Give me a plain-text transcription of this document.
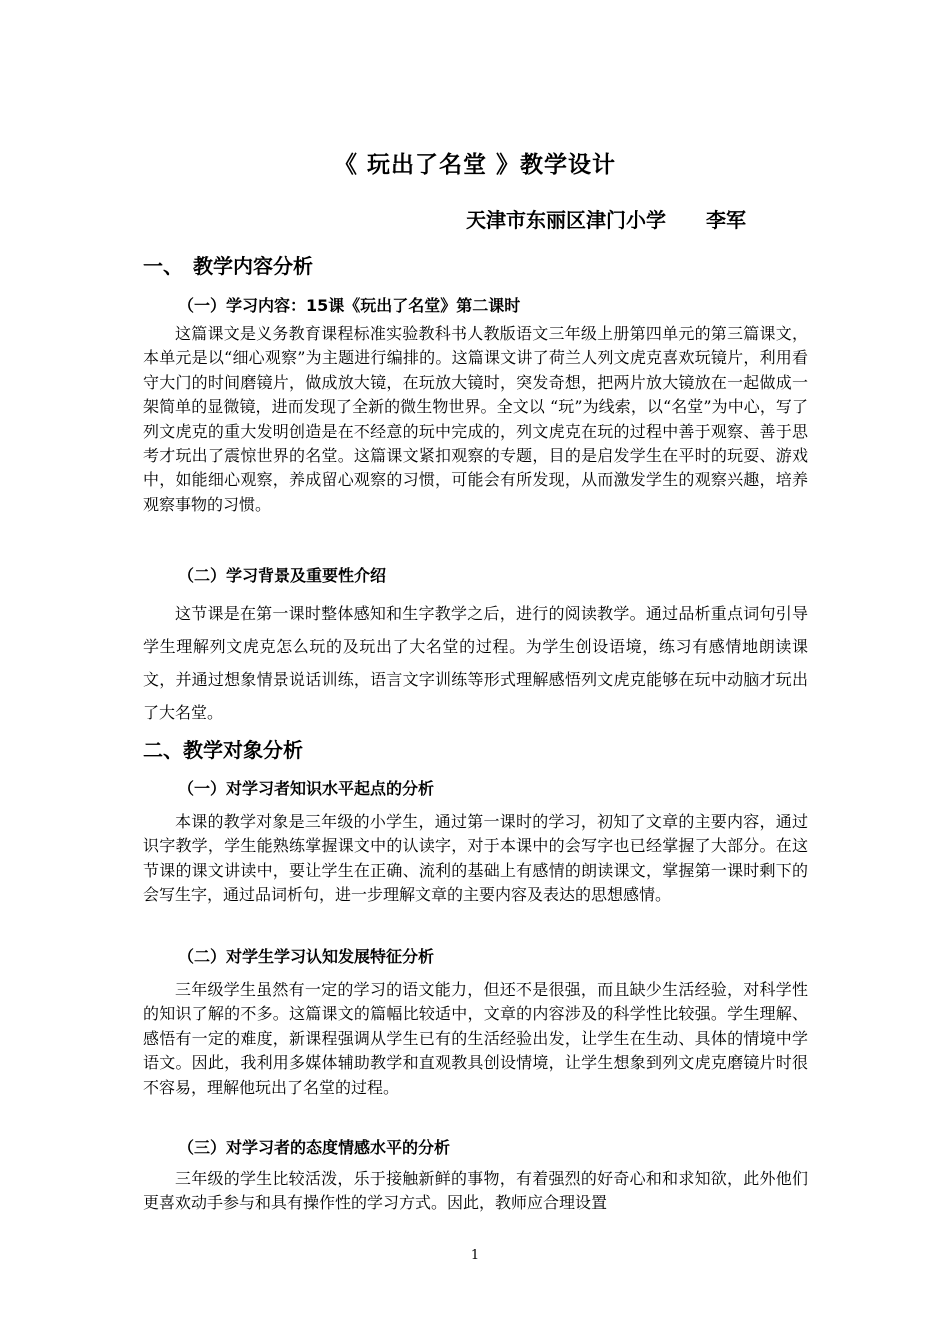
《 玩出了名堂 》教学设计
天津市东丽区津门小学　　李军
一、　教学内容分析
（一）学习内容：15课《玩出了名堂》第二课时

这篇课文是义务教育课程标准实验教科书人教版语文三年级上册第四单元的第三篇课文，本单元是以“细心观察”为主题进行编排的。这篇课文讲了荷兰人列文虎克喜欢玩镜片，利用看守大门的时间磨镜片，做成放大镜，在玩放大镜时，突发奇想，把两片放大镜放在一起做成一架简单的显微镜，进而发现了全新的微生物世界。全文以 “玩”为线索，以“名堂”为中心，写了列文虎克的重大发明创造是在不经意的玩中完成的，列文虎克在玩的过程中善于观察、善于思考才玩出了震惊世界的名堂。这篇课文紧扣观察的专题，目的是启发学生在平时的玩耍、游戏中，如能细心观察，养成留心观察的习惯，可能会有所发现，从而激发学生的观察兴趣，培养观察事物的习惯。

（二）学习背景及重要性介绍

这节课是在第一课时整体感知和生字教学之后，进行的阅读教学。通过品析重点词句引导学生理解列文虎克怎么玩的及玩出了大名堂的过程。为学生创设语境，练习有感情地朗读课文，并通过想象情景说话训练，语言文字训练等形式理解感悟列文虎克能够在玩中动脑才玩出了大名堂。

二、教学对象分析
（一）对学习者知识水平起点的分析

本课的教学对象是三年级的小学生，通过第一课时的学习，初知了文章的主要内容，通过识字教学，学生能熟练掌握课文中的认读字，对于本课中的会写字也已经掌握了大部分。在这节课的课文讲读中，要让学生在正确、流利的基础上有感情的朗读课文，掌握第一课时剩下的会写生字，通过品词析句，进一步理解文章的主要内容及表达的思想感情。

（二）对学生学习认知发展特征分析

三年级学生虽然有一定的学习的语文能力，但还不是很强，而且缺少生活经验，对科学性的知识了解的不多。这篇课文的篇幅比较适中，文章的内容涉及的科学性比较强。学生理解、感悟有一定的难度，新课程强调从学生已有的生活经验出发，让学生在生动、具体的情境中学语文。因此，我利用多媒体辅助教学和直观教具创设情境，让学生想象到列文虎克磨镜片时很不容易，理解他玩出了名堂的过程。

（三）对学习者的态度情感水平的分析

三年级的学生比较活泼，乐于接触新鲜的事物，有着强烈的好奇心和和求知欲，此外他们更喜欢动手参与和具有操作性的学习方式。因此，教师应合理设置

1
